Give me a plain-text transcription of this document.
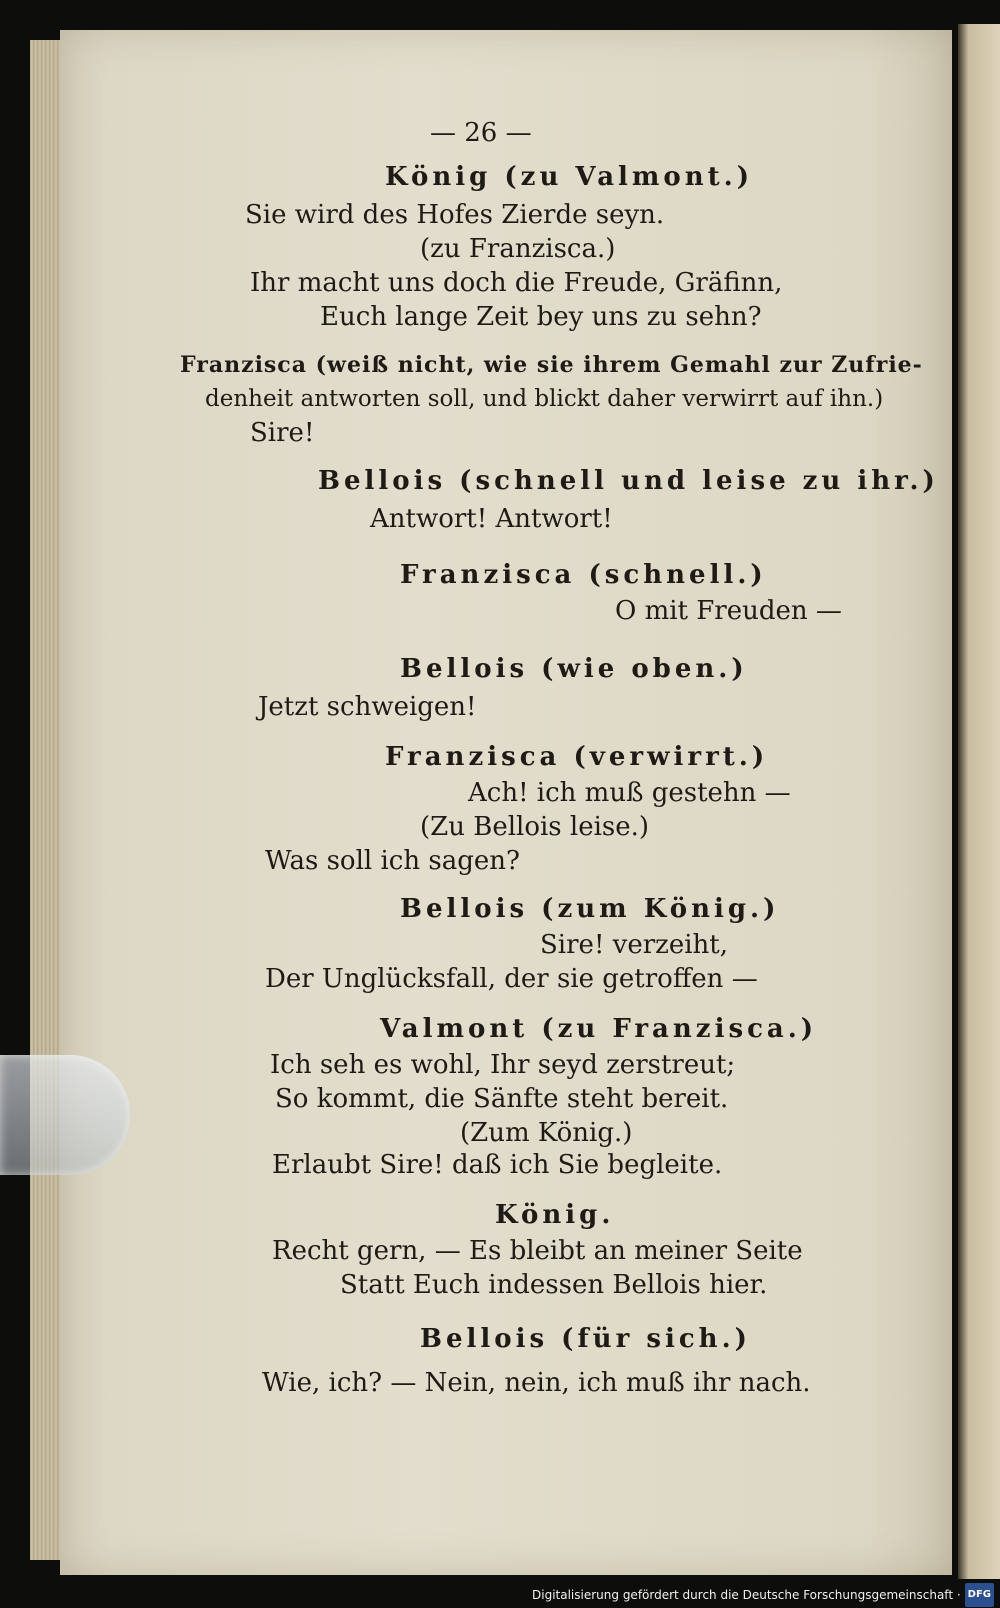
— 26 —
König (zu Valmont.)
Sie wird des Hofes Zierde seyn.
(zu Franzisca.)
Ihr macht uns doch die Freude, Gräfinn,
Euch lange Zeit bey uns zu sehn?
Franzisca (weiß nicht, wie sie ihrem Gemahl zur Zufrie-
denheit antworten soll, und blickt daher verwirrt auf ihn.)
Sire!
Bellois (schnell und leise zu ihr.)
Antwort! Antwort!
Franzisca (schnell.)
O mit Freuden —
Bellois (wie oben.)
Jetzt schweigen!
Franzisca (verwirrt.)
Ach! ich muß gestehn —
(Zu Bellois leise.)
Was soll ich sagen?
Bellois (zum König.)
Sire! verzeiht,
Der Unglücksfall, der sie getroffen —
Valmont (zu Franzisca.)
Ich seh es wohl, Ihr seyd zerstreut;
So kommt, die Sänfte steht bereit.
(Zum König.)
Erlaubt Sire! daß ich Sie begleite.
König.
Recht gern, — Es bleibt an meiner Seite
Statt Euch indessen Bellois hier.
Bellois (für sich.)
Wie, ich? — Nein, nein, ich muß ihr nach.
Digitalisierung gefördert durch die Deutsche Forschungsgemeinschaft · DFG
